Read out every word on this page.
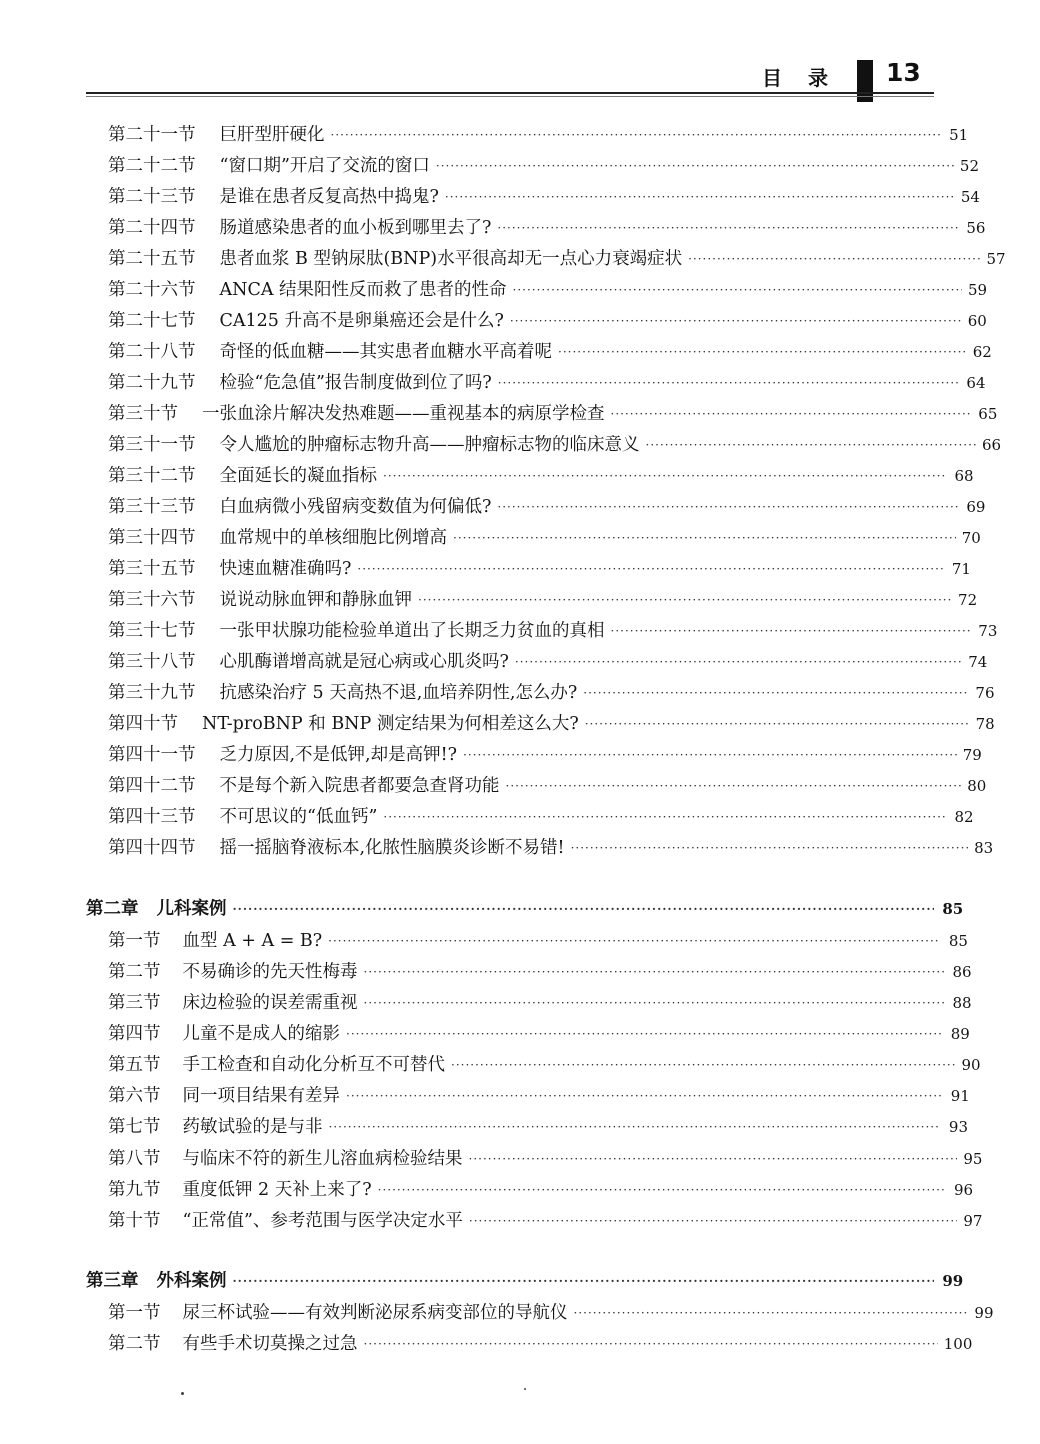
目录 13
第二十一节 巨肝型肝硬化 ·····	51
第二十二节 “窗口期”开启了交流的窗口 ·····	52
第二十三节 是谁在患者反复高热中捣鬼? ·····	54
第二十四节 肠道感染患者的血小板到哪里去了? ·····	56
第二十五节 患者血浆 B 型钠尿肽(BNP)水平很高却无一点心力衰竭症状 ·····	57
第二十六节 ANCA 结果阳性反而救了患者的性命 ·····	59
第二十七节 CA125 升高不是卵巢癌还会是什么? ·····	60
第二十八节 奇怪的低血糖——其实患者血糖水平高着呢 ·····	62
第二十九节 检验“危急值”报告制度做到位了吗? ·····	64
第三十节 一张血涂片解决发热难题——重视基本的病原学检查 ·····	65
第三十一节 令人尴尬的肿瘤标志物升高——肿瘤标志物的临床意义 ·····	66
第三十二节 全面延长的凝血指标 ·····	68
第三十三节 白血病微小残留病变数值为何偏低? ·····	69
第三十四节 血常规中的单核细胞比例增高 ·····	70
第三十五节 快速血糖准确吗? ·····	71
第三十六节 说说动脉血钾和静脉血钾 ·····	72
第三十七节 一张甲状腺功能检验单道出了长期乏力贫血的真相 ·····	73
第三十八节 心肌酶谱增高就是冠心病或心肌炎吗? ·····	74
第三十九节 抗感染治疗 5 天高热不退,血培养阴性,怎么办? ·····	76
第四十节 NT-proBNP 和 BNP 测定结果为何相差这么大? ·····	78
第四十一节 乏力原因,不是低钾,却是高钾!? ·····	79
第四十二节 不是每个新入院患者都要急查肾功能 ·····	80
第四十三节 不可思议的“低血钙” ·····	82
第四十四节 摇一摇脑脊液标本,化脓性脑膜炎诊断不易错! ·····	83
第二章 儿科案例 ·····	85
第一节 血型 A + A = B? ·····	85
第二节 不易确诊的先天性梅毒 ·····	86
第三节 床边检验的误差需重视 ·····	88
第四节 儿童不是成人的缩影 ·····	89
第五节 手工检查和自动化分析互不可替代 ·····	90
第六节 同一项目结果有差异 ·····	91
第七节 药敏试验的是与非 ·····	93
第八节 与临床不符的新生儿溶血病检验结果 ·····	95
第九节 重度低钾 2 天补上来了? ·····	96
第十节 “正常值”、参考范围与医学决定水平 ·····	97
第三章 外科案例 ·····	99
第一节 尿三杯试验——有效判断泌尿系病变部位的导航仪 ·····	99
第二节 有些手术切莫操之过急 ·····	100
